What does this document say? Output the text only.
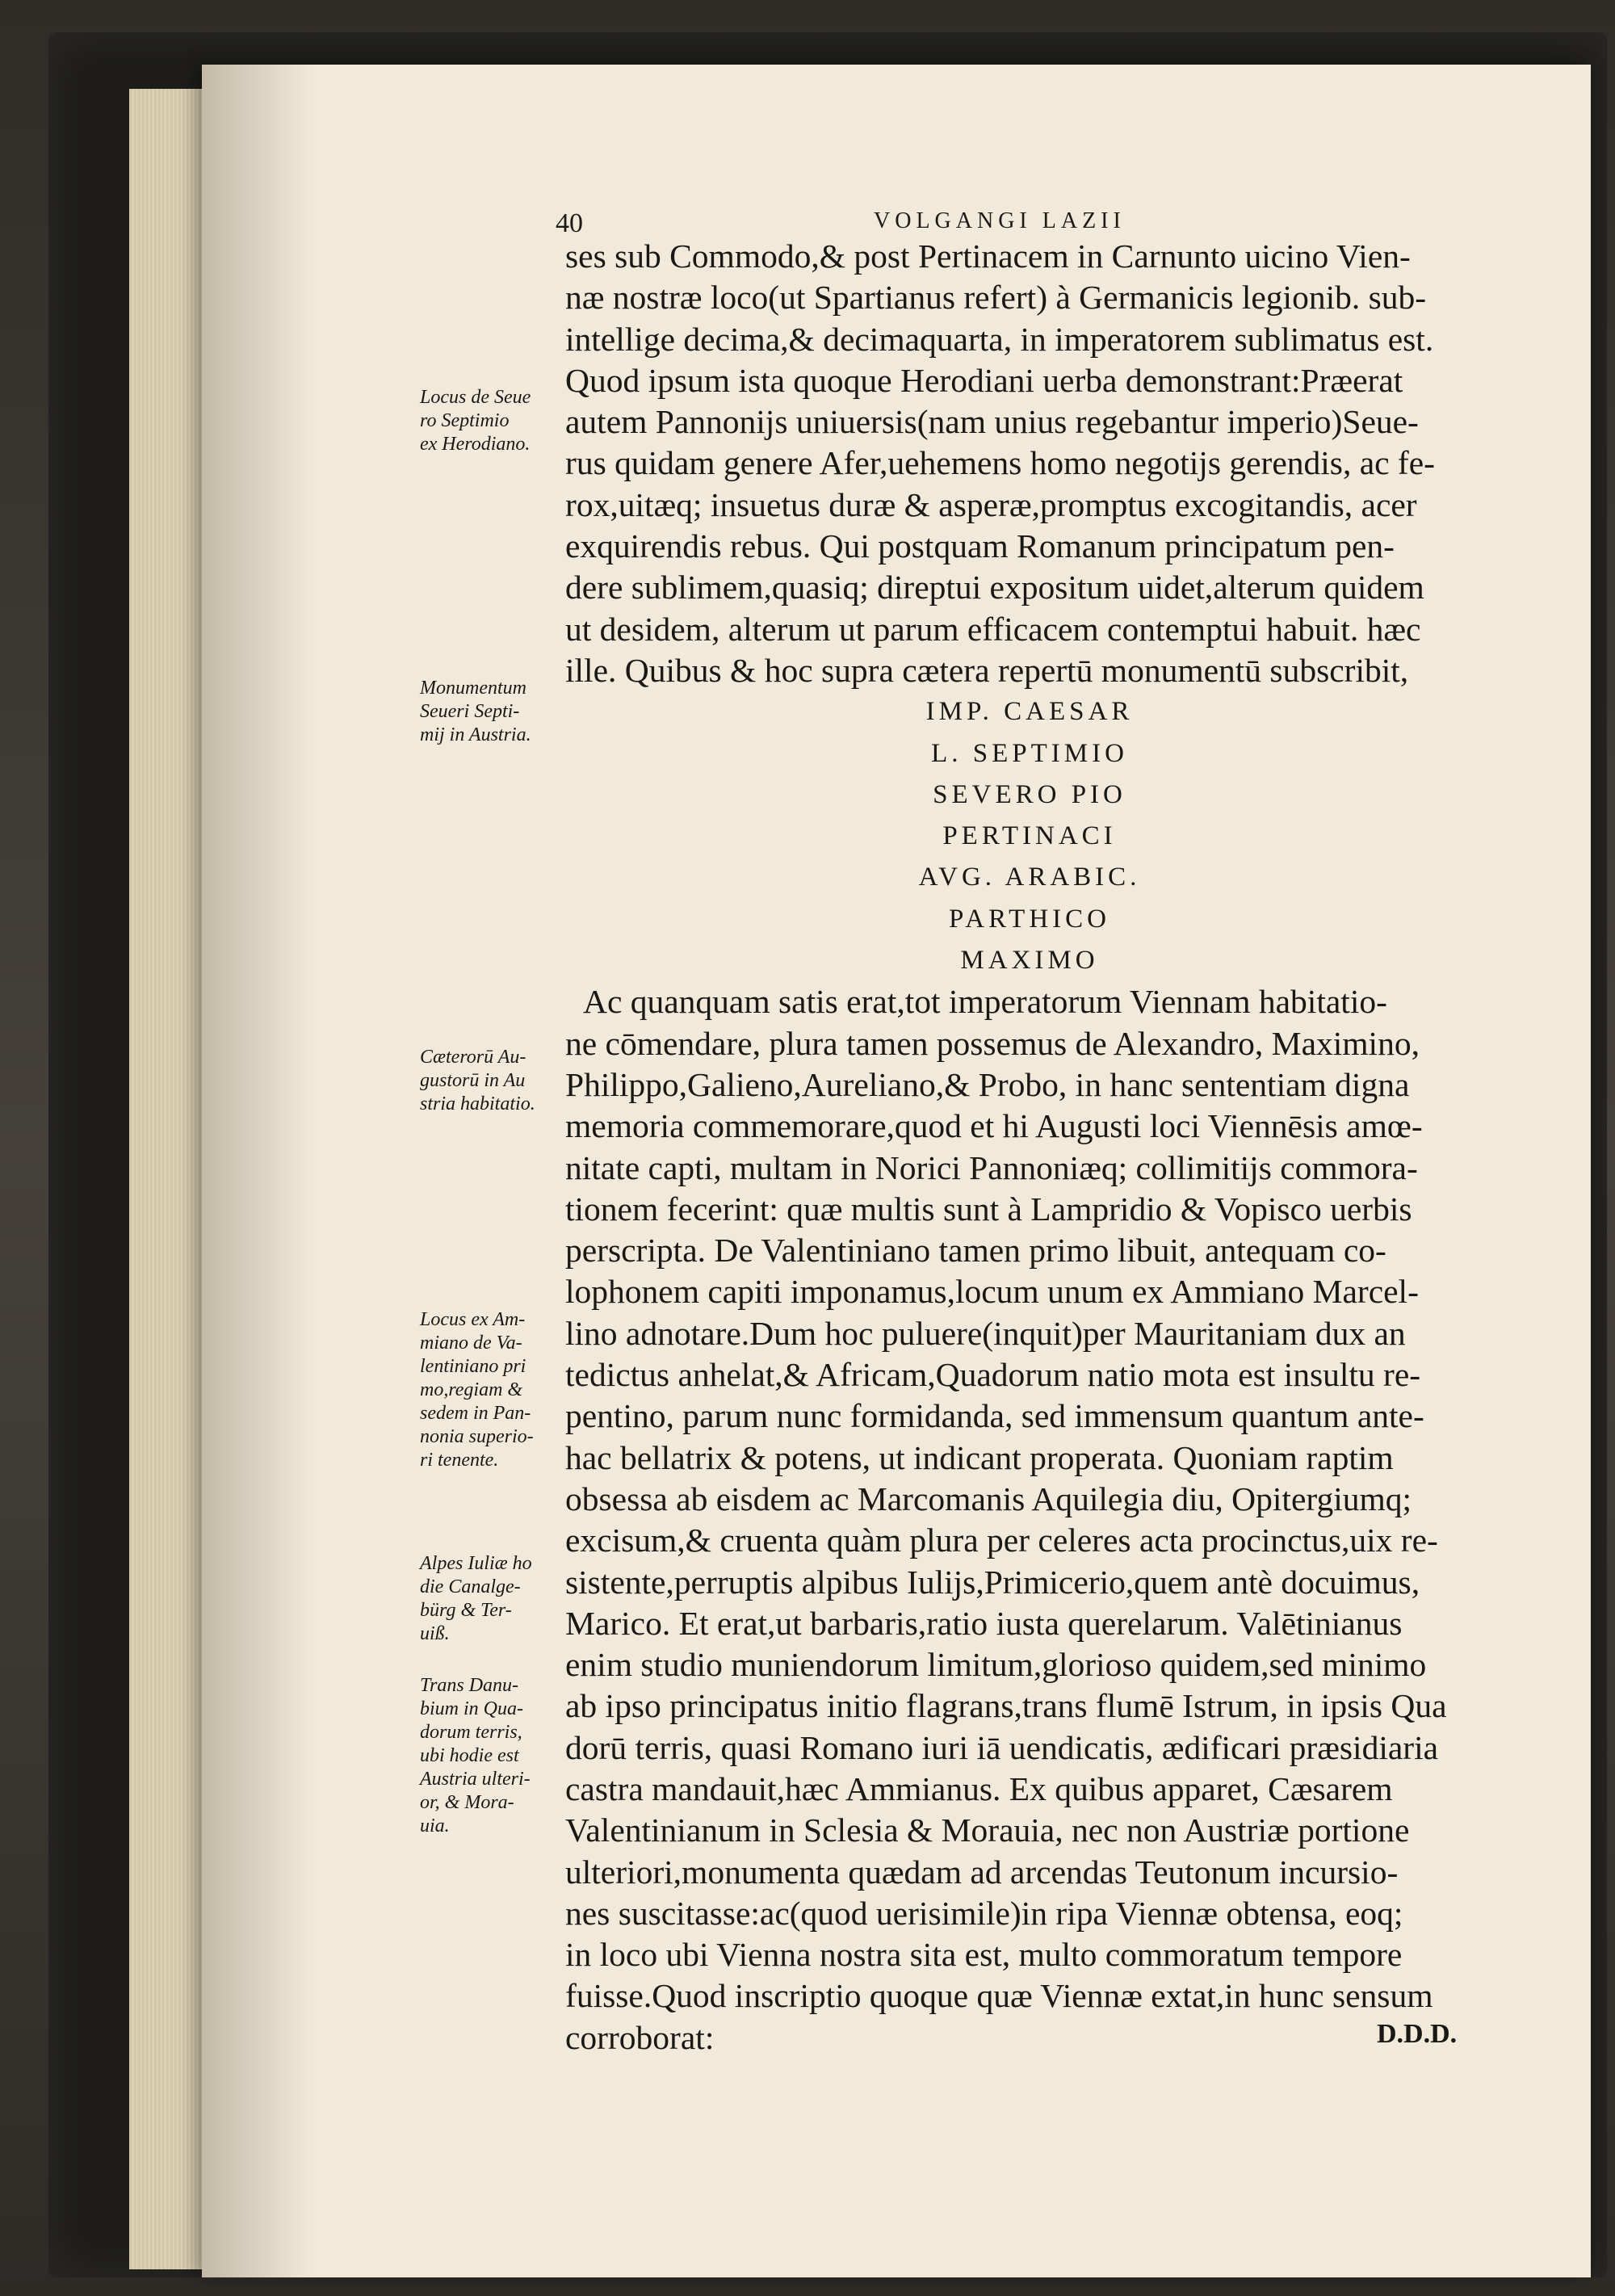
40	VOLGANGI LAZII
ses sub Commodo,& post Pertinacem in Carnunto uicino Vien-
næ nostræ loco(ut Spartianus refert) à Germanicis legionib. sub-
intellige decima,& decimaquarta, in imperatorem sublimatus est.
Quod ipsum ista quoque Herodiani uerba demonstrant:Præerat
autem Pannonijs uniuersis(nam unius regebantur imperio)Seue-
rus quidam genere Afer,uehemens homo negotijs gerendis, ac fe-
rox,uitæq; insuetus duræ & asperæ,promptus excogitandis, acer
exquirendis rebus. Qui postquam Romanum principatum pen-
dere sublimem,quasiq; direptui expositum uidet,alterum quidem
ut desidem, alterum ut parum efficacem contemptui habuit. hæc
ille. Quibus & hoc supra cætera repertū monumentū subscribit,
IMP. CAESAR
L. SEPTIMIO
SEVERO PIO
PERTINACI
AVG. ARABIC.
PARTHICO
MAXIMO
Ac quanquam satis erat,tot imperatorum Viennam habitatio-
ne cōmendare, plura tamen possemus de Alexandro, Maximino,
Philippo,Galieno,Aureliano,& Probo, in hanc sententiam digna
memoria commemorare,quod et hi Augusti loci Viennēsis amœ-
nitate capti, multam in Norici Pannoniæq; collimitijs commora-
tionem fecerint: quæ multis sunt à Lampridio & Vopisco uerbis
perscripta. De Valentiniano tamen primo libuit, antequam co-
lophonem capiti imponamus,locum unum ex Ammiano Marcel-
lino adnotare.Dum hoc puluere(inquit)per Mauritaniam dux an
tedictus anhelat,& Africam,Quadorum natio mota est insultu re-
pentino, parum nunc formidanda, sed immensum quantum ante-
hac bellatrix & potens, ut indicant properata. Quoniam raptim
obsessa ab eisdem ac Marcomanis Aquilegia diu, Opitergiumq;
excisum,& cruenta quàm plura per celeres acta procinctus,uix re-
sistente,perruptis alpibus Iulijs,Primicerio,quem antè docuimus,
Marico. Et erat,ut barbaris,ratio iusta querelarum. Valētinianus
enim studio muniendorum limitum,glorioso quidem,sed minimo
ab ipso principatus initio flagrans,trans flumē Istrum, in ipsis Qua
dorū terris, quasi Romano iuri iā uendicatis, ædificari præsidiaria
castra mandauit,hæc Ammianus. Ex quibus apparet, Cæsarem
Valentinianum in Sclesia & Morauia, nec non Austriæ portione
ulteriori,monumenta quædam ad arcendas Teutonum incursio-
nes suscitasse:ac(quod uerisimile)in ripa Viennæ obtensa, eoq;
in loco ubi Vienna nostra sita est, multo commoratum tempore
fuisse.Quod inscriptio quoque quæ Viennæ extat,in hunc sensum
corroborat:
Locus de Seue
ro Septimio
ex Herodiano.
Monumentum
Seueri Septi-
mij in Austria.
Cæterorū Au-
gustorū in Au
stria habitatio.
Locus ex Am-
miano de Va-
lentiniano pri
mo,regiam &
sedem in Pan-
nonia superio-
ri tenente.
Alpes Iuliæ ho
die Canalge-
bürg & Ter-
uiß.
Trans Danu-
bium in Qua-
dorum terris,
ubi hodie est
Austria ulteri-
or, & Mora-
uia.
D.D.D.
